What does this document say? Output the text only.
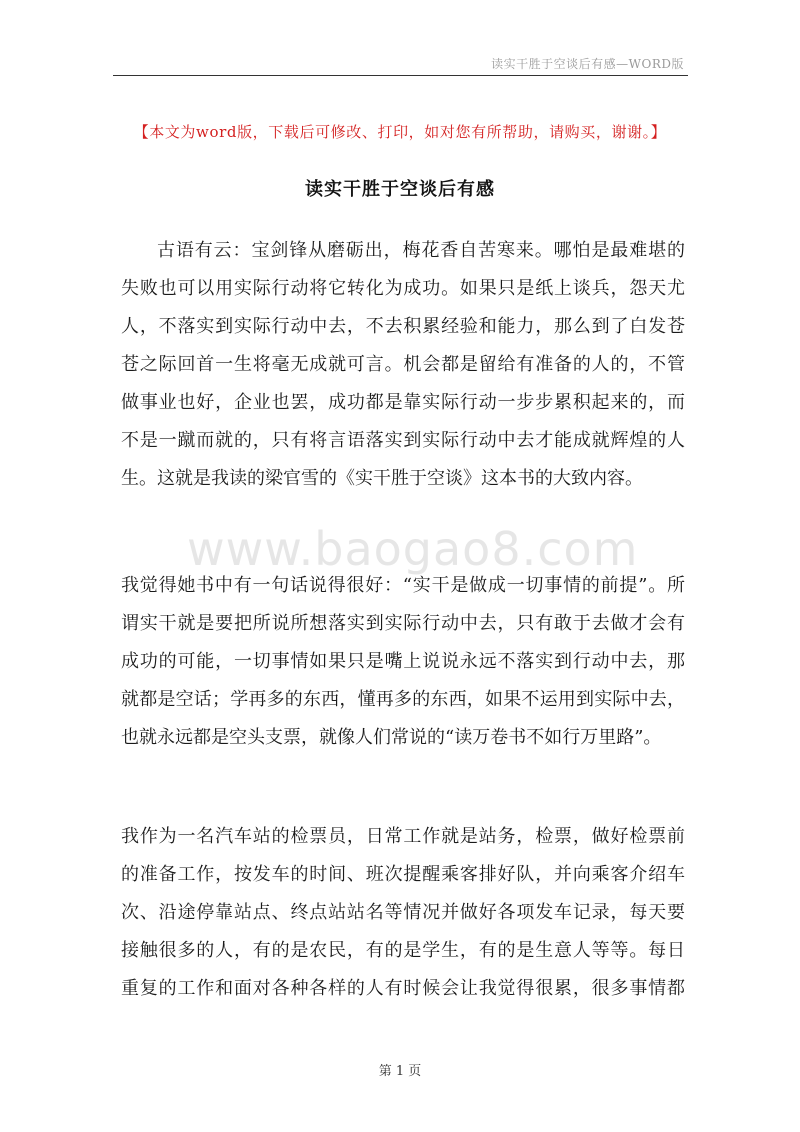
读实干胜于空谈后有感—WORD版
【本文为word版，下载后可修改、打印，如对您有所帮助，请购买，谢谢。】
读实干胜于空谈后有感
古语有云：宝剑锋从磨砺出，梅花香自苦寒来。哪怕是最难堪的
失败也可以用实际行动将它转化为成功。如果只是纸上谈兵，怨天尤
人，不落实到实际行动中去，不去积累经验和能力，那么到了白发苍
苍之际回首一生将毫无成就可言。机会都是留给有准备的人的，不管
做事业也好，企业也罢，成功都是靠实际行动一步步累积起来的，而
不是一蹴而就的，只有将言语落实到实际行动中去才能成就辉煌的人
生。这就是我读的梁官雪的《实干胜于空谈》这本书的大致内容。
www.baogao8.com
我觉得她书中有一句话说得很好：“实干是做成一切事情的前提”。所
谓实干就是要把所说所想落实到实际行动中去，只有敢于去做才会有
成功的可能，一切事情如果只是嘴上说说永远不落实到行动中去，那
就都是空话；学再多的东西，懂再多的东西，如果不运用到实际中去，
也就永远都是空头支票，就像人们常说的“读万卷书不如行万里路”。
我作为一名汽车站的检票员，日常工作就是站务，检票，做好检票前
的准备工作，按发车的时间、班次提醒乘客排好队，并向乘客介绍车
次、沿途停靠站点、终点站站名等情况并做好各项发车记录，每天要
接触很多的人，有的是农民，有的是学生，有的是生意人等等。每日
重复的工作和面对各种各样的人有时候会让我觉得很累，很多事情都
第 1 页
